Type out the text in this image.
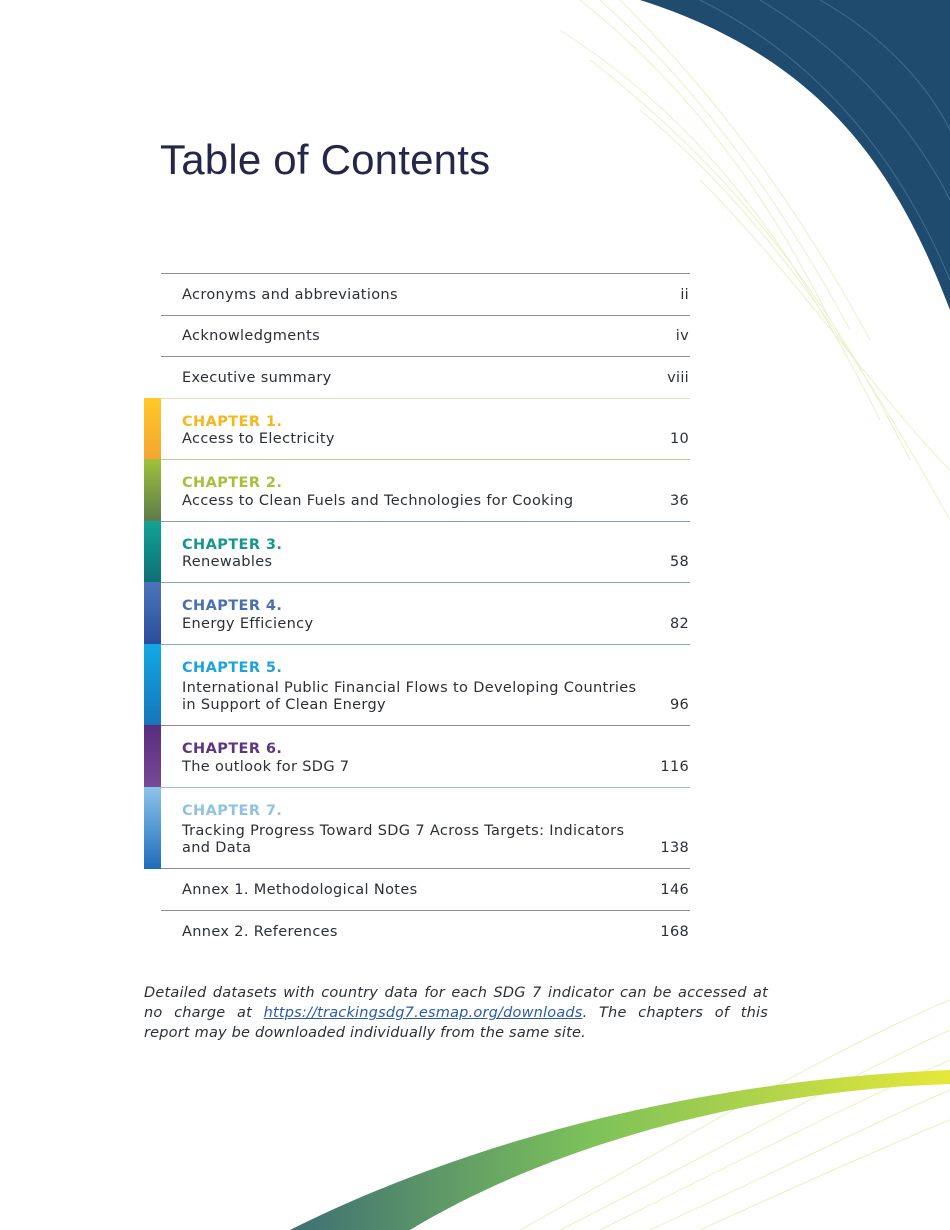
Table of Contents
Acronyms and abbreviations	ii
Acknowledgments	iv
Executive summary	viii
CHAPTER 1.
Access to Electricity	10
CHAPTER 2.
Access to Clean Fuels and Technologies for Cooking	36
CHAPTER 3.
Renewables	58
CHAPTER 4.
Energy Efficiency	82
CHAPTER 5.
International Public Financial Flows to Developing Countries
in Support of Clean Energy	96
CHAPTER 6.
The outlook for SDG 7	116
CHAPTER 7.
Tracking Progress Toward SDG 7 Across Targets: Indicators
and Data	138
Annex 1. Methodological Notes	146
Annex 2. References	168

Detailed datasets with country data for each SDG 7 indicator can be accessed at no charge at https://trackingsdg7.esmap.org/downloads. The chapters of this report may be downloaded individually from the same site.
